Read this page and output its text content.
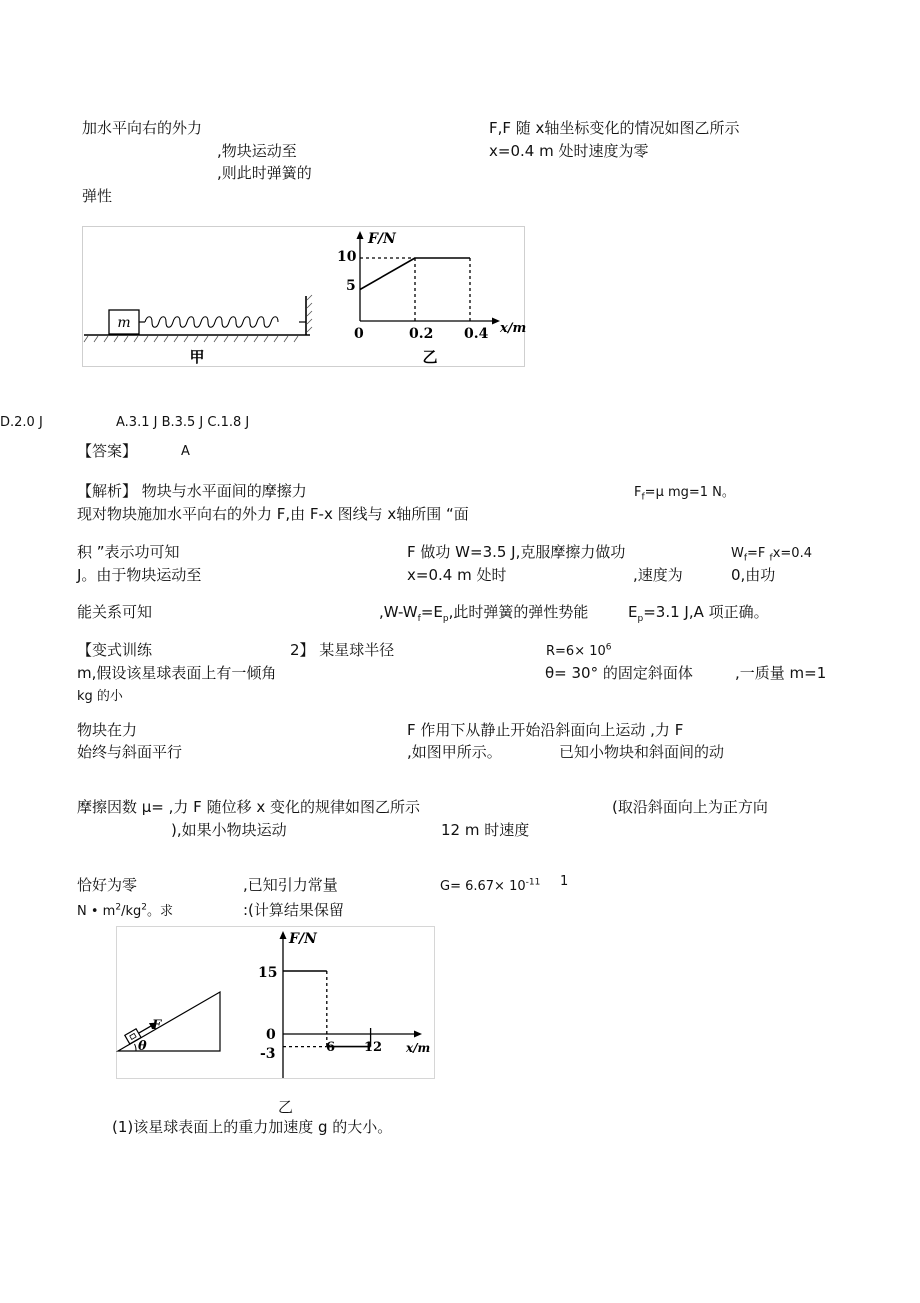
加水平向右的外力	F,F 随 x轴坐标变化的情况如图乙所示
,物块运动至	x=0.4 m 处时速度为零
,则此时弹簧的
弹性
m
甲
F/N
x/m
10
5
0	0.2 0.4
乙
D.2.0 J	A.3.1 J B.3.5 J C.1.8 J
【答案】	A
【解析】 物块与水平面间的摩擦力	$F_f=\mu$ mg=1 N。
现对物块施加水平向右的外力 F,由 F-x 图线与 x轴所围 “面
积 ”表示功可知	F 做功 W=3.5 J,克服摩擦力做功	$W_f=F$ $_f$x=0.4
J。由于物块运动至	x=0.4 m 处时	,速度为	0,由功
能关系可知	$,W-W_f=E_p$,此时弹簧的弹性势能	$E_p=3.1$ J,A 项正确。
【变式训练	2】 某星球半径	$R=6\times 10^6$
m,假设该星球表面上有一倾角	θ= 30° 的固定斜面体	,一质量 m=1
kg 的小
物块在力	F 作用下从静止开始沿斜面向上运动 ,力 F
始终与斜面平行	,如图甲所示。	已知小物块和斜面间的动
摩擦因数 μ= ,力 F 随位移 x 变化的规律如图乙所示	(取沿斜面向上为正方向
),如果小物块运动	12 m 时速度
恰好为零	,已知引力常量	$G= 6.67\times 10^{-11}$ 1
N • $m^2/kg^2$。求	:(计算结果保留
F
θ
F/N
x/m
15
0
-3	6 12
乙
(1)该星球表面上的重力加速度 g 的大小。
